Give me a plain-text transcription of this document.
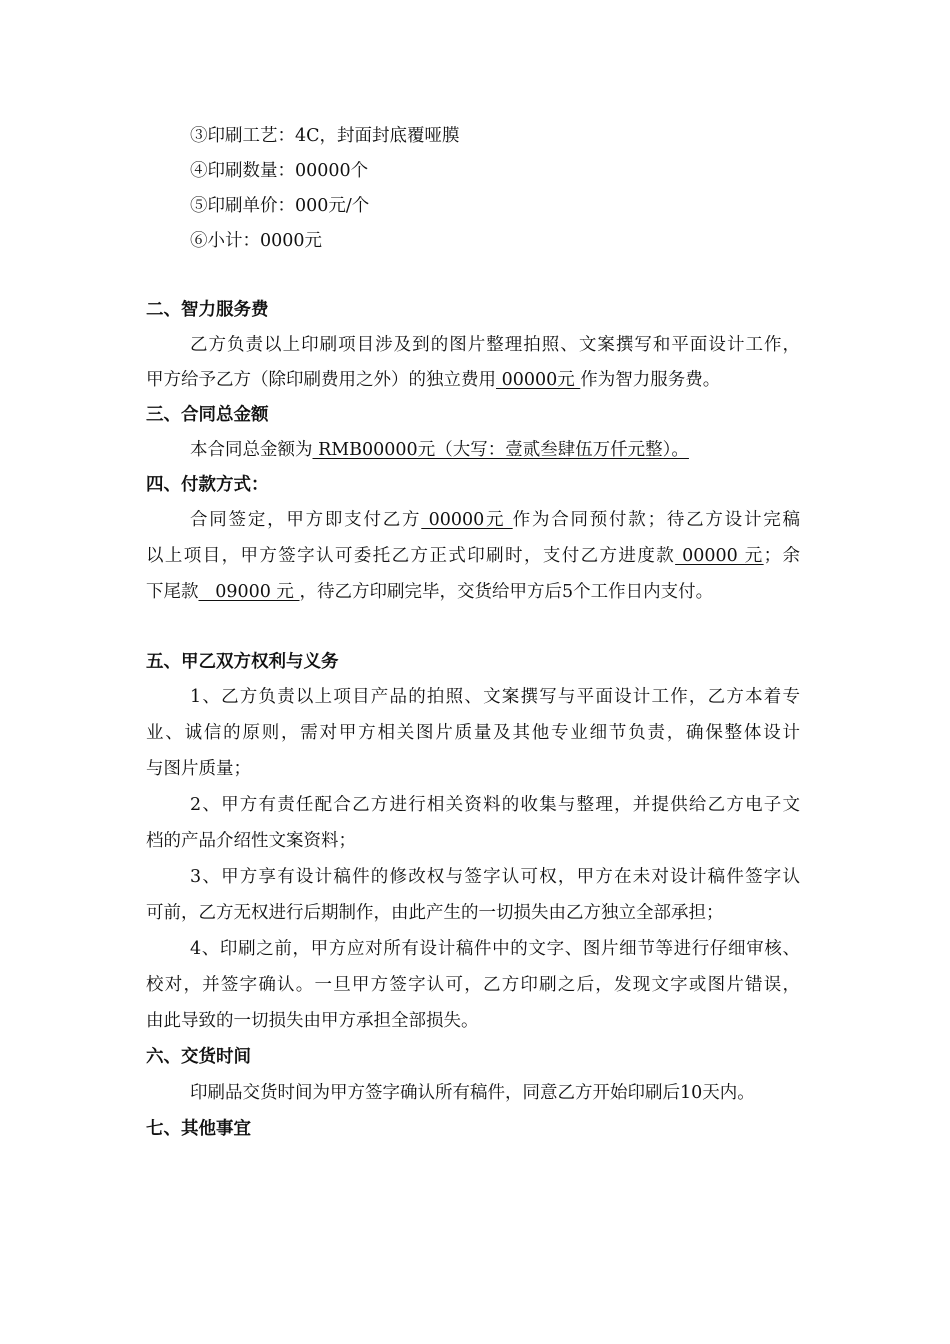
③印刷工艺：4C，封面封底覆哑膜
④印刷数量：00000个
⑤印刷单价：000元/个
⑥小计：0000元
二、智力服务费
乙方负责以上印刷项目涉及到的图片整理拍照、文案撰写和平面设计工作，
甲方给予乙方（除印刷费用之外）的独立费用 00000元 作为智力服务费。
三、合同总金额
本合同总金额为 RMB00000元（大写：壹贰叁肆伍万仟元整）。
四、付款方式：
合同签定，甲方即支付乙方 00000元 作为合同预付款；待乙方设计完稿
以上项目，甲方签字认可委托乙方正式印刷时，支付乙方进度款 00000 元；余
下尾款   09000 元 ，待乙方印刷完毕，交货给甲方后5个工作日内支付。
五、甲乙双方权利与义务
1、乙方负责以上项目产品的拍照、文案撰写与平面设计工作，乙方本着专
业、诚信的原则，需对甲方相关图片质量及其他专业细节负责，确保整体设计
与图片质量；
2、甲方有责任配合乙方进行相关资料的收集与整理，并提供给乙方电子文
档的产品介绍性文案资料；
3、甲方享有设计稿件的修改权与签字认可权，甲方在未对设计稿件签字认
可前，乙方无权进行后期制作，由此产生的一切损失由乙方独立全部承担；
4、印刷之前，甲方应对所有设计稿件中的文字、图片细节等进行仔细审核、
校对，并签字确认。一旦甲方签字认可，乙方印刷之后，发现文字或图片错误，
由此导致的一切损失由甲方承担全部损失。
六、交货时间
印刷品交货时间为甲方签字确认所有稿件，同意乙方开始印刷后10天内。
七、其他事宜
